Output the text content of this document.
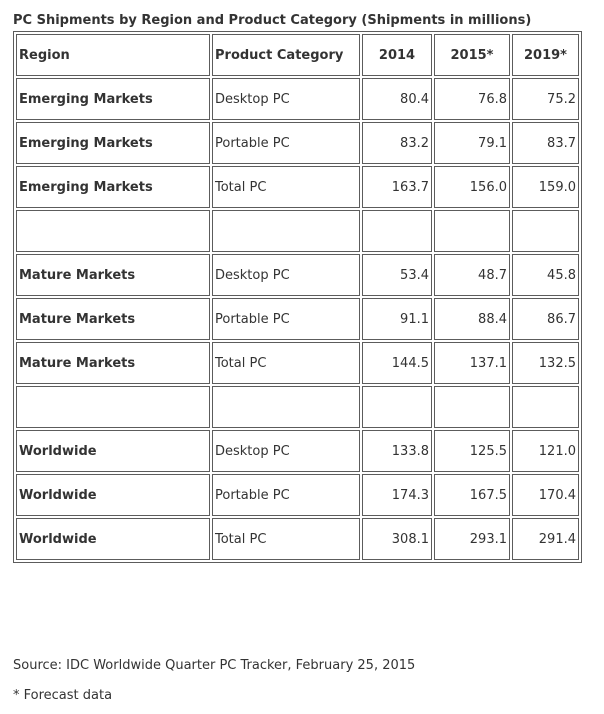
PC Shipments by Region and Product Category (Shipments in millions)
Region	Product Category	2014	2015*	2019*
Emerging Markets	Desktop PC	80.4	76.8	75.2
Emerging Markets	Portable PC	83.2	79.1	83.7
Emerging Markets	Total PC	163.7	156.0	159.0

Mature Markets	Desktop PC	53.4	48.7	45.8
Mature Markets	Portable PC	91.1	88.4	86.7
Mature Markets	Total PC	144.5	137.1	132.5

Worldwide	Desktop PC	133.8	125.5	121.0
Worldwide	Portable PC	174.3	167.5	170.4
Worldwide	Total PC	308.1	293.1	291.4
Source: IDC Worldwide Quarter PC Tracker, February 25, 2015
* Forecast data
